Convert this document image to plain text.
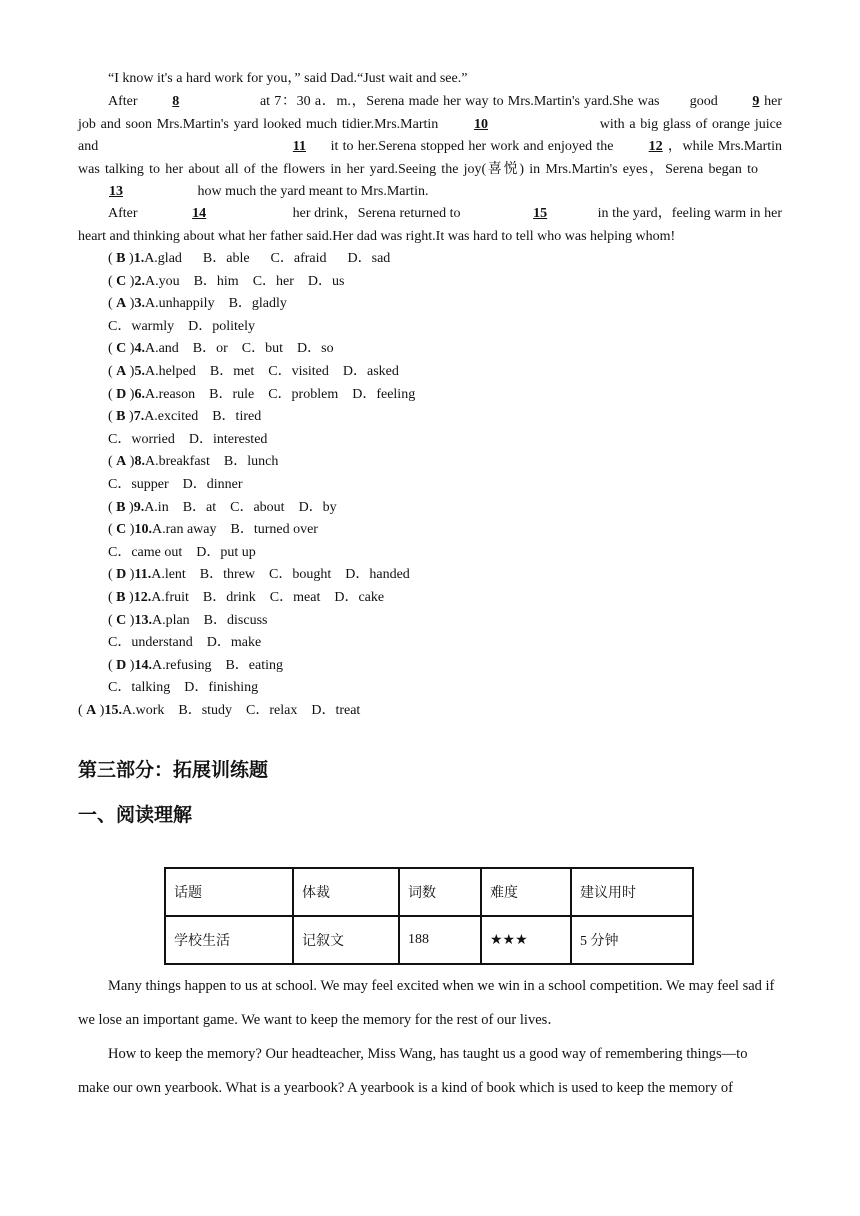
“I know it's a hard work for you，” said Dad.“Just wait and see.”

After 8	at 7：30 a．m.，Serena made her way to Mrs.Martin's yard.She was good 9 her job and soon Mrs.Martin's yard looked much tidier.Mrs.Martin	10	with a big glass of orange juice and	11 it to her.Serena stopped her work and enjoyed the	12 ，while Mrs.Martin was talking to her about all of the flowers in her yard.Seeing the joy(喜悦) in Mrs.Martin's eyes，Serena began to 13	how much the yard meant to Mrs.Martin.

After	14	her drink，Serena returned to	15	in the yard，feeling warm in her heart and thinking about what her father said.Her dad was right.It was hard to tell who was helping whom!

( B )1.A.glad      B．able      C．afraid      D．sad
( C )2.A.you    B．him    C．her    D．us
( A )3.A.unhappily    B．gladly
C．warmly    D．politely
( C )4.A.and    B．or    C．but    D．so
( A )5.A.helped    B．met    C．visited    D．asked
( D )6.A.reason    B．rule    C．problem    D．feeling
( B )7.A.excited    B．tired
C．worried    D．interested
( A )8.A.breakfast    B．lunch
C．supper    D．dinner
( B )9.A.in    B．at    C．about    D．by
( C )10.A.ran away    B．turned over
C．came out    D．put up
( D )11.A.lent    B．threw    C．bought    D．handed
( B )12.A.fruit    B．drink    C．meat    D．cake
( C )13.A.plan    B．discuss
C．understand    D．make
( D )14.A.refusing    B．eating
C．talking    D．finishing
( A )15.A.work    B．study    C．relax    D．treat
第三部分：拓展训练题
一、阅读理解
话题	体裁	词数	难度	建议用时
学校生活	记叙文	188	★★★	5 分钟

Many things happen to us at school. We may feel excited when we win in a school competition. We may feel sad if we lose an important game. We want to keep the memory for the rest of our lives．

How to keep the memory? Our headteacher, Miss Wang, has taught us a good way of remembering things—to make our own yearbook. What is a yearbook? A yearbook is a kind of book which is used to keep the memory of
